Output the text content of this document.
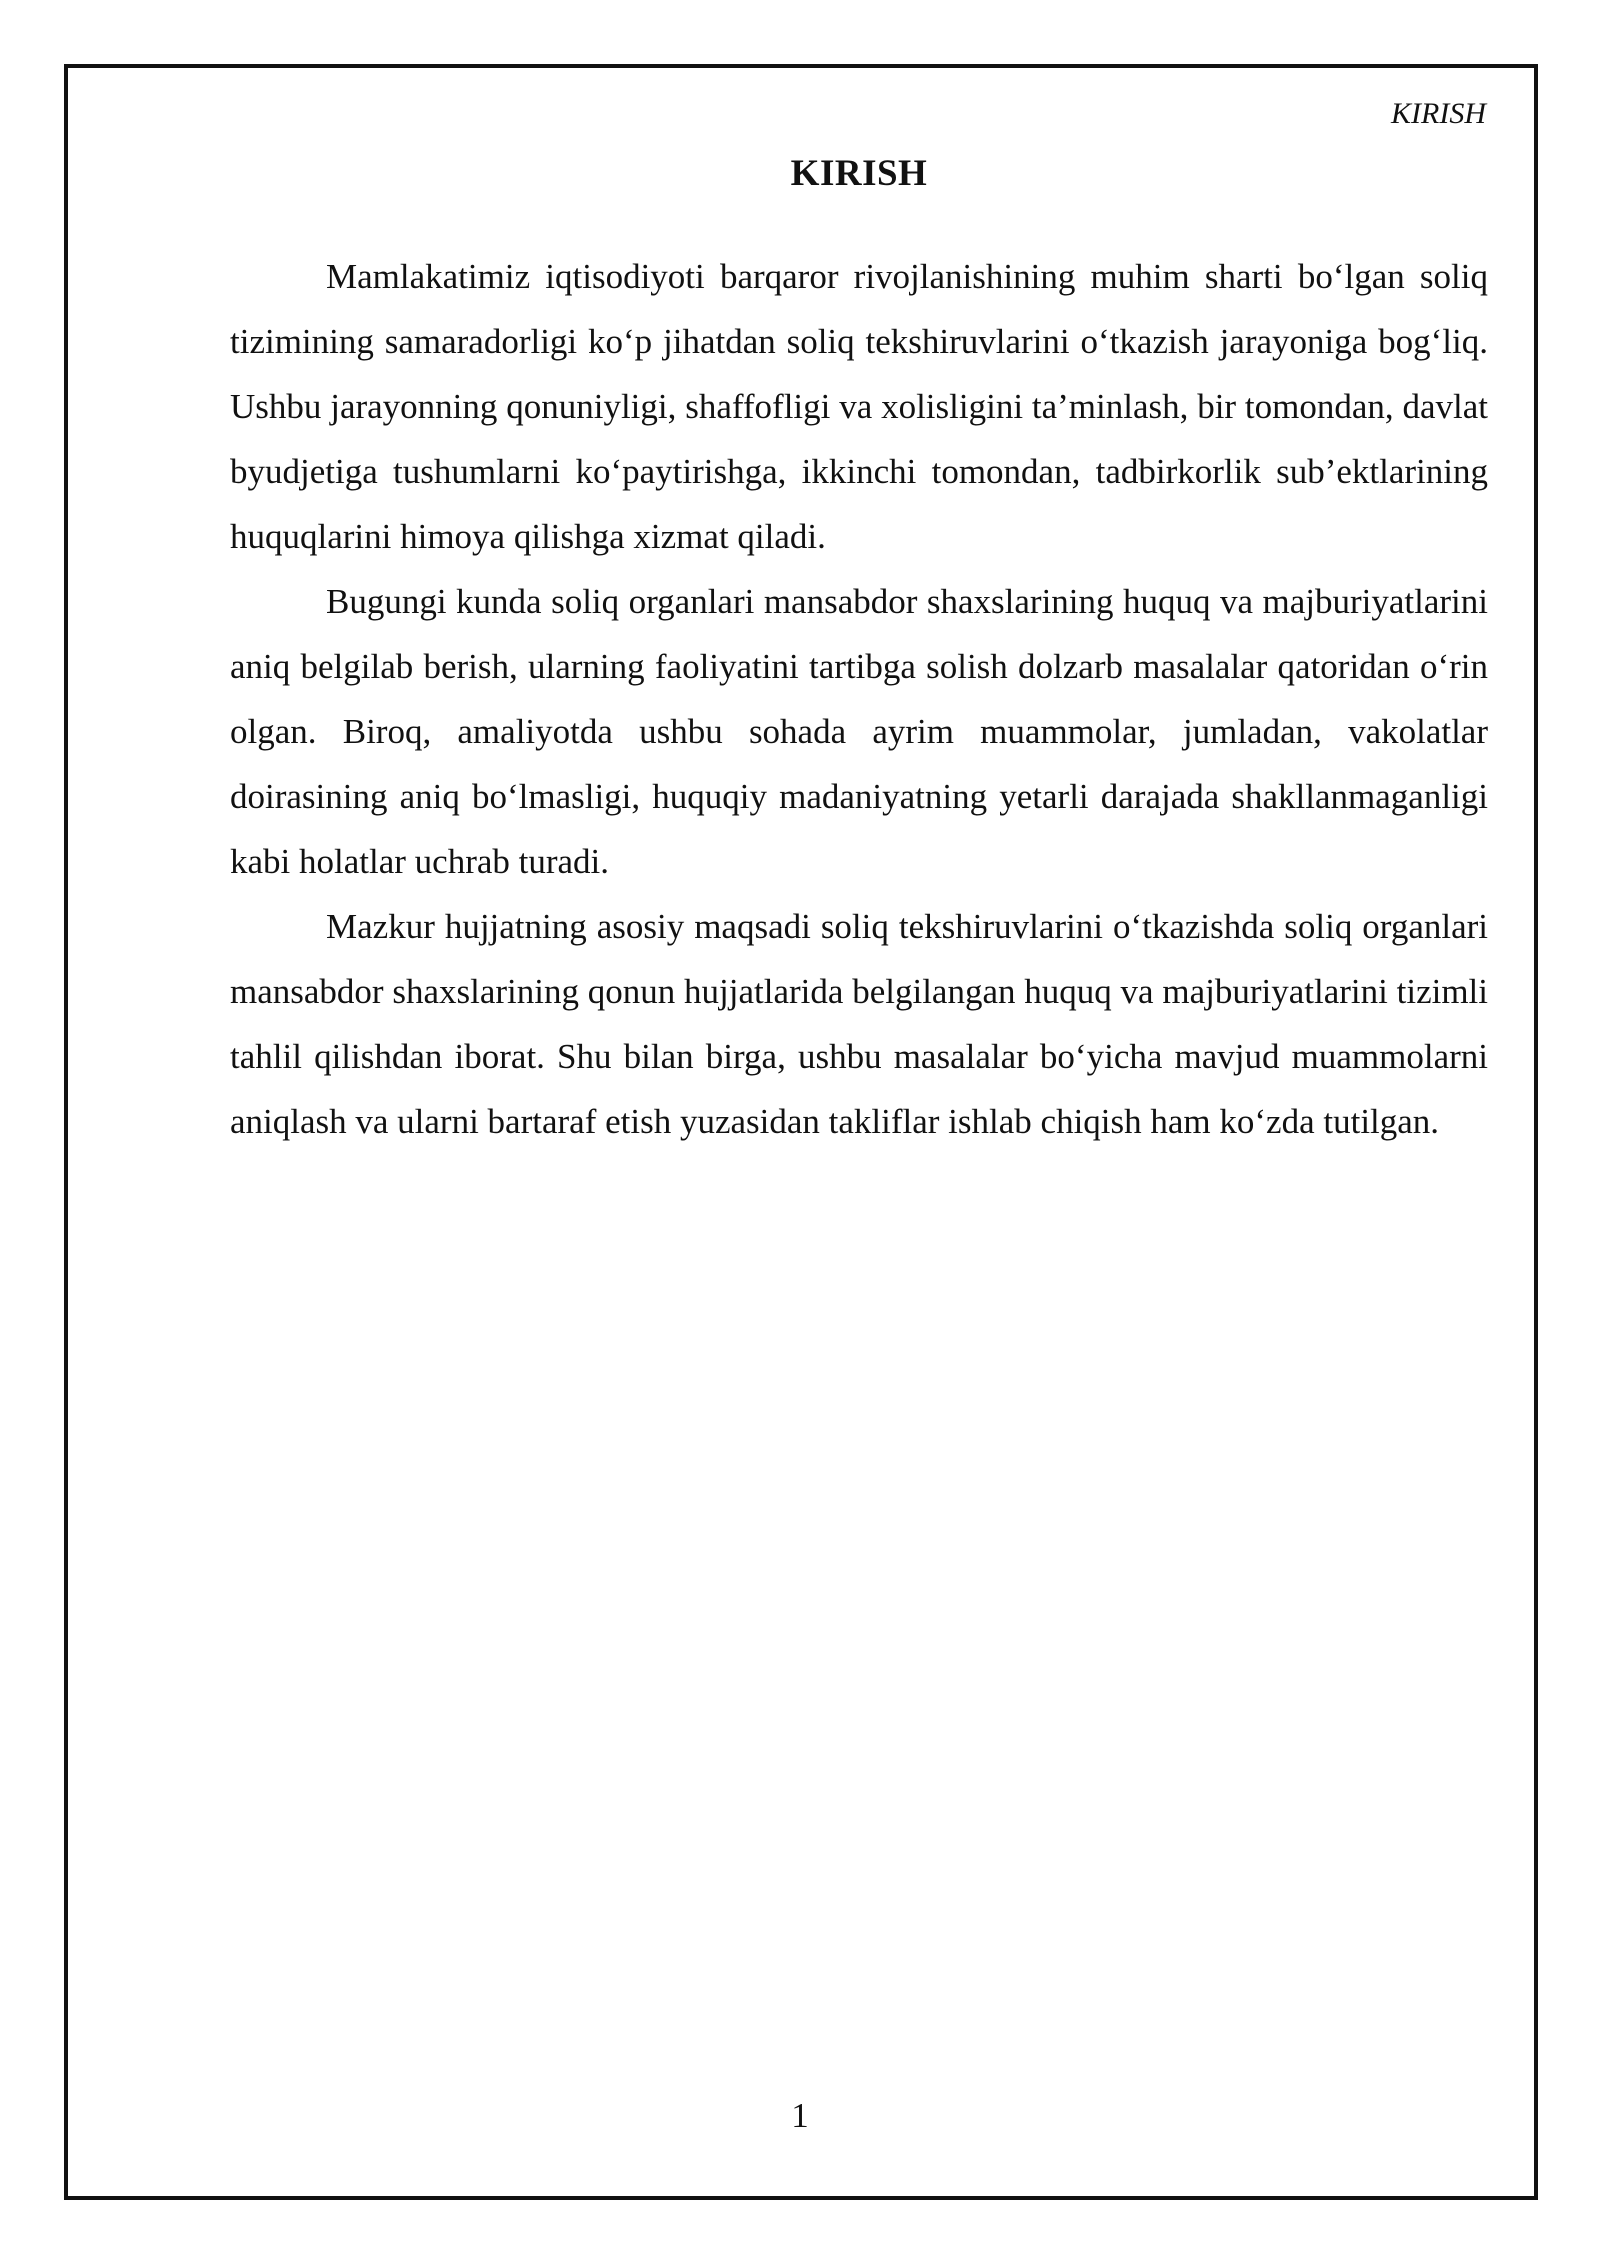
KIRISH

KIRISH

Mamlakatimiz iqtisodiyoti barqaror rivojlanishining muhim sharti bo‘lgan soliq tizimining samaradorligi ko‘p jihatdan soliq tekshiruvlarini o‘tkazish jarayoniga bog‘liq. Ushbu jarayonning qonuniyligi, shaffofligi va xolisligini ta’minlash, bir tomondan, davlat byudjetiga tushumlarni ko‘paytirishga, ikkinchi tomondan, tadbirkorlik sub’ektlarining huquqlarini himoya qilishga xizmat qiladi.

Bugungi kunda soliq organlari mansabdor shaxslarining huquq va majburiyatlarini aniq belgilab berish, ularning faoliyatini tartibga solish dolzarb masalalar qatoridan o‘rin olgan. Biroq, amaliyotda ushbu sohada ayrim muammolar, jumladan, vakolatlar doirasining aniq bo‘lmasligi, huquqiy madaniyatning yetarli darajada shakllanmaganligi kabi holatlar uchrab turadi.

Mazkur hujjatning asosiy maqsadi soliq tekshiruvlarini o‘tkazishda soliq organlari mansabdor shaxslarining qonun hujjatlarida belgilangan huquq va majburiyatlarini tizimli tahlil qilishdan iborat. Shu bilan birga, ushbu masalalar bo‘yicha mavjud muammolarni aniqlash va ularni bartaraf etish yuzasidan takliflar ishlab chiqish ham ko‘zda tutilgan.

1
